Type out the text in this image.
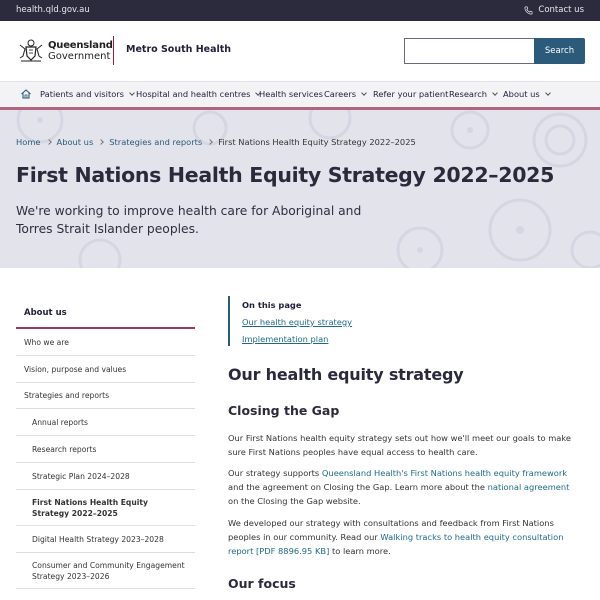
health.qld.gov.au	Contact us
Queensland
Government
Metro South Health	Search
Patients and visitors Hospital and health centres Health services Careers Refer your patient Research About us
Home About us Strategies and reports First Nations Health Equity Strategy 2022–2025
First Nations Health Equity Strategy 2022–2025
We're working to improve health care for Aboriginal and Torres Strait Islander peoples.
About us
Who we are
Vision, purpose and values
Strategies and reports
Annual reports
Research reports
Strategic Plan 2024–2028
First Nations Health Equity Strategy 2022–2025
Digital Health Strategy 2023–2028
Consumer and Community Engagement Strategy 2023–2026
On this page
Our health equity strategy
Implementation plan
Our health equity strategy
Closing the Gap

Our First Nations health equity strategy sets out how we'll meet our goals to make sure First Nations peoples have equal access to health care.

Our strategy supports Queensland Health's First Nations health equity framework and the agreement on Closing the Gap. Learn more about the national agreement on the Closing the Gap website.

We developed our strategy with consultations and feedback from First Nations peoples in our community. Read our Walking tracks to health equity consultation report [PDF 8896.95 KB] to learn more.

Our focus
